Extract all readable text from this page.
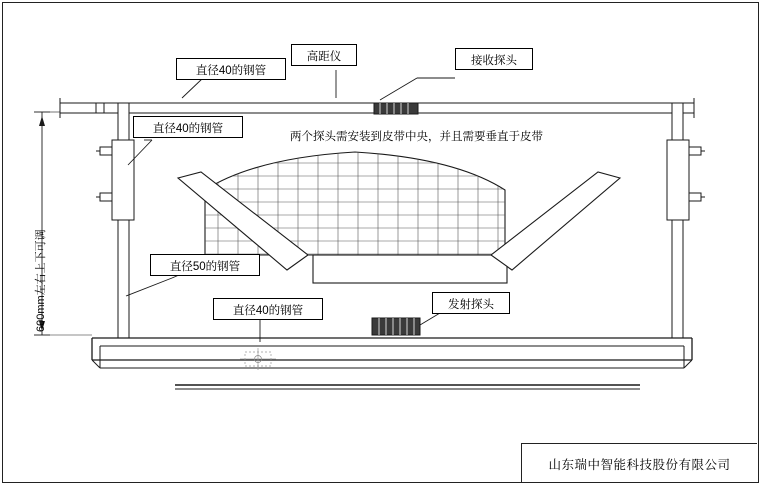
直径40的钢管
高距仪	接收探头
直径40的钢管
直径50的钢管
直径40的钢管	发射探头
两个探头需安装到皮带中央，并且需要垂直于皮带
600mm左右上下可调
山东瑞中智能科技股份有限公司
